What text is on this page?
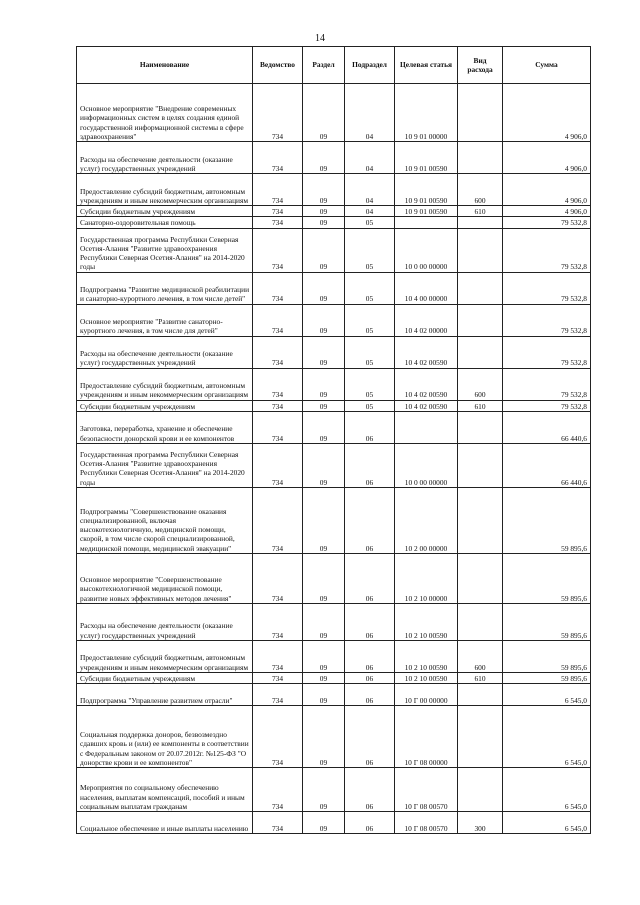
14
Наименование	Ведомство	Раздел	Подраздел	Целевая статья	Вид расхода	Сумма
Основное мероприятие "Внедрение современных информационных систем в целях создания единой государственной информационной системы в сфере здравоохранения"	734	09	04	10 9 01 00000		4 906,0
Расходы на обеспечение деятельности (оказание услуг) государственных учреждений	734	09	04	10 9 01 00590		4 906,0
Предоставление субсидий бюджетным, автономным учреждениям и иным некоммерческим организациям	734	09	04	10 9 01 00590	600	4 906,0
Субсидии бюджетным учреждениям	734	09	04	10 9 01 00590	610	4 906,0
Санаторно-оздоровительная помощь	734	09	05			79 532,8
Государственная программа Республики Северная Осетия-Алания "Развитие здравоохранения Республики Северная Осетия-Алания" на 2014-2020 годы	734	09	05	10 0 00 00000		79 532,8
Подпрограмма "Развитие медицинской реабилитации и санаторно-курортного лечения, в том числе детей"	734	09	05	10 4 00 00000		79 532,8
Основное мероприятие "Развитие санаторно-курортного лечения, в том числе для детей"	734	09	05	10 4 02 00000		79 532,8
Расходы на обеспечение деятельности (оказание услуг) государственных учреждений	734	09	05	10 4 02 00590		79 532,8
Предоставление субсидий бюджетным, автономным учреждениям и иным некоммерческим организациям	734	09	05	10 4 02 00590	600	79 532,8
Субсидии бюджетным учреждениям	734	09	05	10 4 02 00590	610	79 532,8
Заготовка, переработка, хранение и обеспечение безопасности донорской крови и ее компонентов	734	09	06			66 440,6
Государственная программа Республики Северная Осетия-Алания "Развитие здравоохранения Республики Северная Осетия-Алания" на 2014-2020 годы	734	09	06	10 0 00 00000		66 440,6
Подпрограммы "Совершенствование оказания специализированной, включая высокотехнологичную, медицинской помощи, скорой, в том числе скорой специализированной, медицинской помощи, медицинской эвакуации"	734	09	06	10 2 00 00000		59 895,6
Основное мероприятие "Совершенствование высокотехнологичной медицинской помощи, развитие новых эффективных методов лечения"	734	09	06	10 2 10 00000		59 895,6
Расходы на обеспечение деятельности (оказание услуг) государственных учреждений	734	09	06	10 2 10 00590		59 895,6
Предоставление субсидий бюджетным, автономным учреждениям и иным некоммерческим организациям	734	09	06	10 2 10 00590	600	59 895,6
Субсидии бюджетным учреждениям	734	09	06	10 2 10 00590	610	59 895,6
Подпрограмма "Управление развитием отрасли"	734	09	06	10 Г 00 00000		6 545,0
Социальная поддержка доноров, безвозмездно сдавших кровь и (или) ее компоненты в соответствии с Федеральным законом от 20.07.2012г. №125-ФЗ "О донорстве крови и ее компонентов"	734	09	06	10 Г 08 00000		6 545,0
Мероприятия по социальному обеспечению населения, выплатам компенсаций, пособий и иным социальным выплатам гражданам	734	09	06	10 Г 08 00570		6 545,0
Социальное обеспечение и иные выплаты населению	734	09	06	10 Г 08 00570	300	6 545,0
